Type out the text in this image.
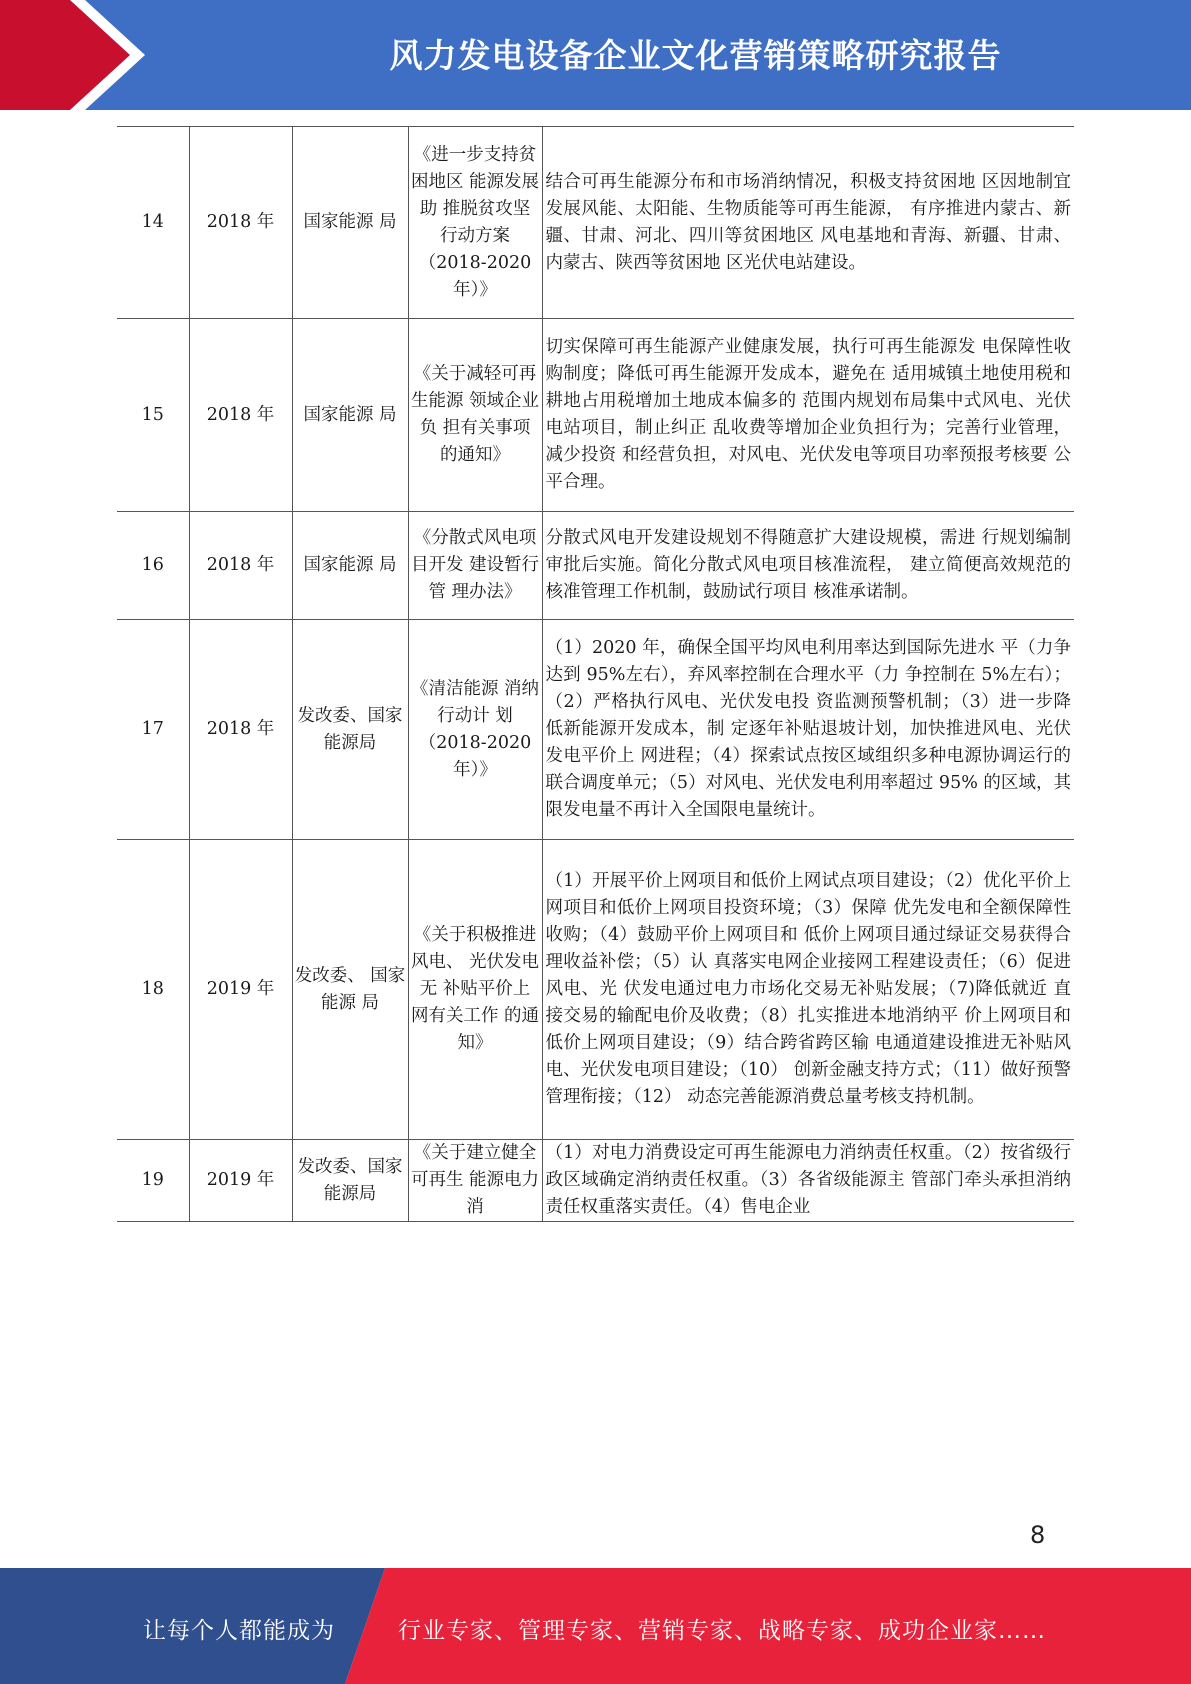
风力发电设备企业文化营销策略研究报告
14	2018 年	国家能源 局	《进一步支持贫困地区 能源发展助 推脱贫攻坚 行动方案（2018-2020 年）》	结合可再生能源分布和市场消纳情况，积极支持贫困地 区因地制宜发展风能、太阳能、生物质能等可再生能源， 有序推进内蒙古、新疆、甘肃、河北、四川等贫困地区 风电基地和青海、新疆、甘肃、内蒙古、陕西等贫困地 区光伏电站建设。
15	2018 年	国家能源 局	《关于减轻可再生能源 领域企业负 担有关事项 的通知》	切实保障可再生能源产业健康发展，执行可再生能源发 电保障性收购制度；降低可再生能源开发成本，避免在 适用城镇土地使用税和耕地占用税增加土地成本偏多的 范围内规划布局集中式风电、光伏电站项目，制止纠正 乱收费等增加企业负担行为；完善行业管理，减少投资 和经营负担，对风电、光伏发电等项目功率预报考核要 公平合理。
16	2018 年	国家能源 局	《分散式风电项目开发 建设暂行管 理办法》	分散式风电开发建设规划不得随意扩大建设规模，需进 行规划编制审批后实施。简化分散式风电项目核准流程， 建立简便高效规范的核准管理工作机制，鼓励试行项目 核准承诺制。
17	2018 年	发改委、国家能源局	《清洁能源 消纳行动计 划（2018-2020 年）》	（1）2020 年，确保全国平均风电利用率达到国际先进水 平（力争达到 95%左右），弃风率控制在合理水平（力 争控制在 5%左右）；（2）严格执行风电、光伏发电投 资监测预警机制；（3）进一步降低新能源开发成本，制 定逐年补贴退坡计划，加快推进风电、光伏发电平价上 网进程；（4）探索试点按区域组织多种电源协调运行的 联合调度单元；（5）对风电、光伏发电利用率超过 95% 的区域，其限发电量不再计入全国限电量统计。
18	2019 年	发改委、 国家能源 局	《关于积极推进风电、 光伏发电无 补贴平价上 网有关工作 的通知》	（1）开展平价上网项目和低价上网试点项目建设；（2）优化平价上网项目和低价上网项目投资环境；（3）保障 优先发电和全额保障性收购；（4）鼓励平价上网项目和 低价上网项目通过绿证交易获得合理收益补偿；（5）认 真落实电网企业接网工程建设责任；（6）促进风电、光 伏发电通过电力市场化交易无补贴发展；（7)降低就近 直接交易的输配电价及收费；（8）扎实推进本地消纳平 价上网项目和低价上网项目建设；（9）结合跨省跨区输 电通道建设推进无补贴风电、光伏发电项目建设；（10） 创新金融支持方式；（11）做好预警管理衔接；（12） 动态完善能源消费总量考核支持机制。
19	2019 年	发改委、国家能源局	《关于建立健全可再生 能源电力消	（1）对电力消费设定可再生能源电力消纳责任权重。（2）按省级行政区域确定消纳责任权重。（3）各省级能源主 管部门牵头承担消纳责任权重落实责任。（4）售电企业
8
让每个人都能成为	行业专家、管理专家、营销专家、战略专家、成功企业家……
